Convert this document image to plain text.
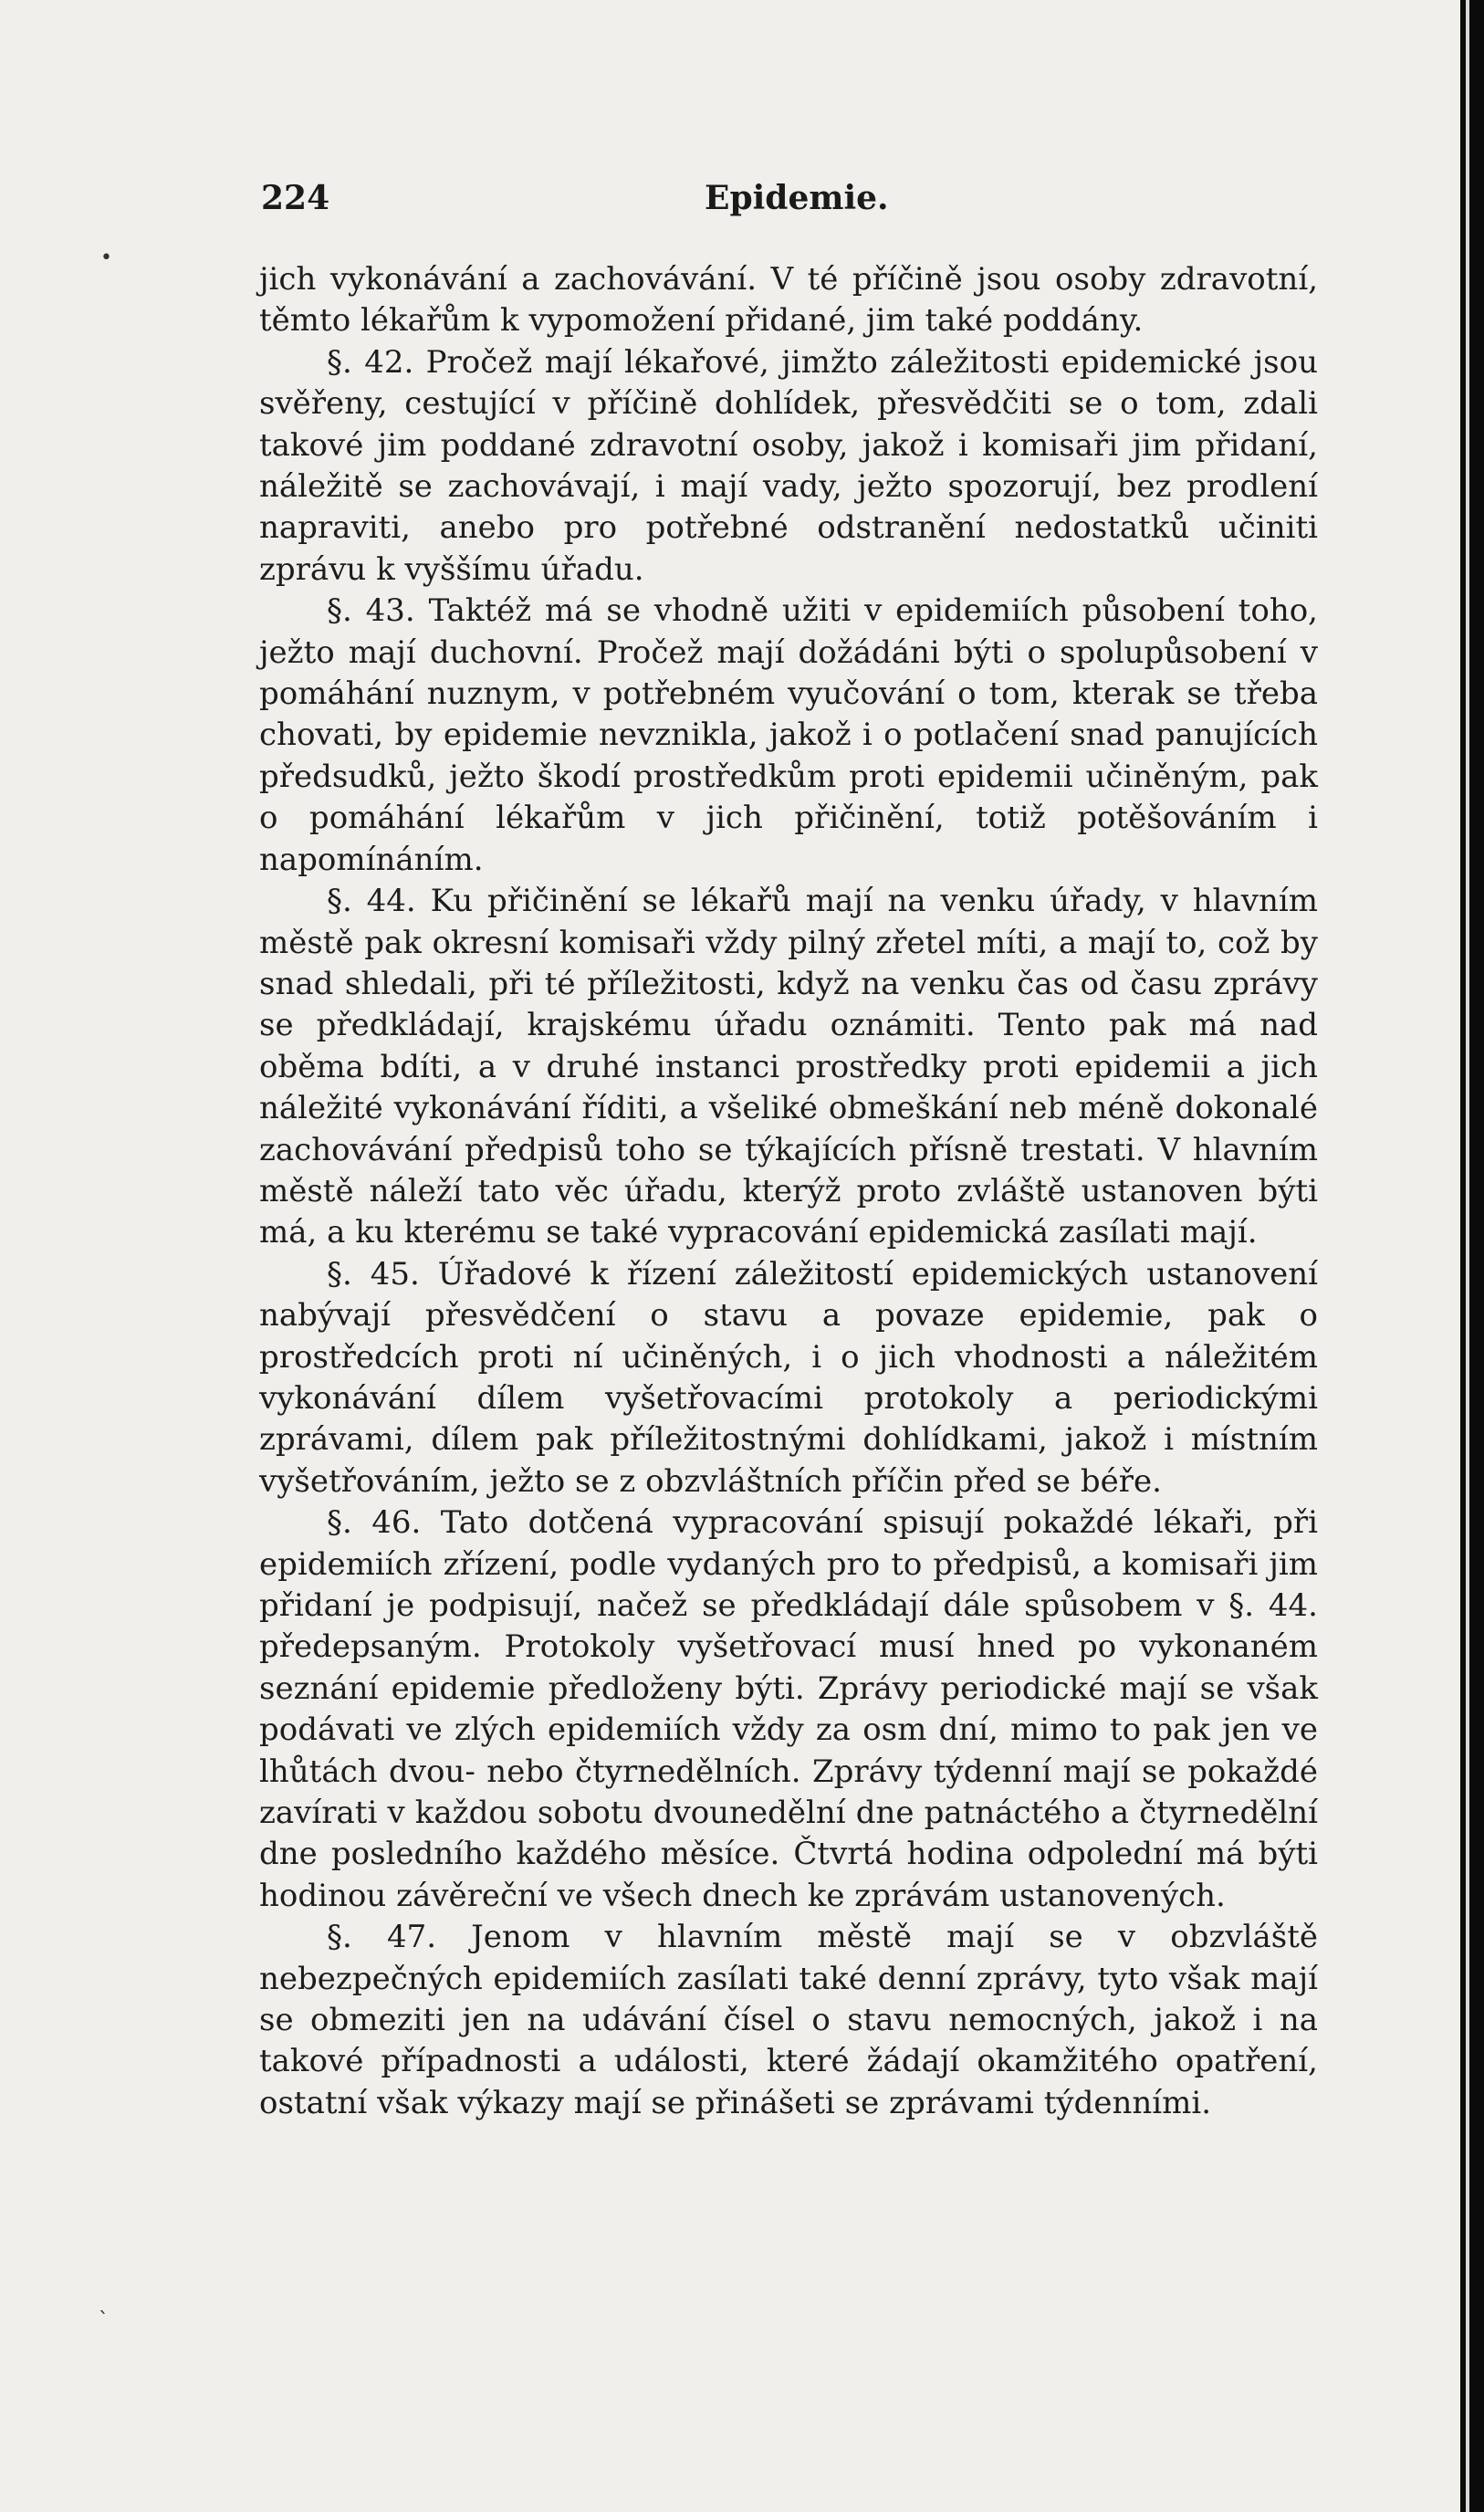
224	Epidemie.

jich vykonávání a zachovávání. V té příčině jsou osoby zdravotní, těmto lékařům k vypomožení přidané, jim také poddány.

§. 42. Pročež mají lékařové, jimžto záležitosti epidemické jsou svěřeny, cestující v příčině dohlídek, přesvědčiti se o tom, zdali takové jim poddané zdravotní osoby, jakož i komisaři jim přidaní, náležitě se zachovávají, i mají vady, ježto spozorují, bez prodlení napraviti, anebo pro potřebné odstranění nedostatků učiniti zprávu k vyššímu úřadu.

§. 43. Taktéž má se vhodně užiti v epidemiích působení toho, ježto mají duchovní. Pročež mají dožádáni býti o spolupůsobení v pomáhání nuznym, v potřebném vyučování o tom, kterak se třeba chovati, by epidemie nevznikla, jakož i o potlačení snad panujících předsudků, ježto škodí prostředkům proti epidemii učiněným, pak o pomáhání lékařům v jich přičinění, totiž potěšováním i napomínáním.

§. 44. Ku přičinění se lékařů mají na venku úřady, v hlavním městě pak okresní komisaři vždy pilný zřetel míti, a mají to, což by snad shledali, při té příležitosti, když na venku čas od času zprávy se předkládají, krajskému úřadu oznámiti. Tento pak má nad oběma bdíti, a v druhé instanci prostředky proti epidemii a jich náležité vykonávání říditi, a všeliké obmeškání neb méně dokonalé zachovávání předpisů toho se týkajících přísně trestati. V hlavním městě náleží tato věc úřadu, kterýž proto zvláště ustanoven býti má, a ku kterému se také vypracování epidemická zasílati mají.

§. 45. Úřadové k řízení záležitostí epidemických ustanovení nabývají přesvědčení o stavu a povaze epidemie, pak o prostředcích proti ní učiněných, i o jich vhodnosti a náležitém vykonávání dílem vyšetřovacími protokoly a periodickými zprávami, dílem pak příležitostnými dohlídkami, jakož i místním vyšetřováním, ježto se z obzvláštních příčin před se béře.

§. 46. Tato dotčená vypracování spisují pokaždé lékaři, při epidemiích zřízení, podle vydaných pro to předpisů, a komisaři jim přidaní je podpisují, načež se předkládají dále spůsobem v §. 44. předepsaným. Protokoly vyšetřovací musí hned po vykonaném seznání epidemie předloženy býti. Zprávy periodické mají se však podávati ve zlých epidemiích vždy za osm dní, mimo to pak jen ve lhůtách dvou- nebo čtyrnedělních. Zprávy týdenní mají se pokaždé zavírati v každou sobotu dvounedělní dne patnáctého a čtyrnedělní dne posledního každého měsíce. Čtvrtá hodina odpolední má býti hodinou závěreční ve všech dnech ke zprávám ustanovených.

§. 47. Jenom v hlavním městě mají se v obzvláště nebezpečných epidemiích zasílati také denní zprávy, tyto však mají se obmeziti jen na udávání čísel o stavu nemocných, jakož i na takové případnosti a události, které žádají okamžitého opatření, ostatní však výkazy mají se přinášeti se zprávami týdenními.

•
`
